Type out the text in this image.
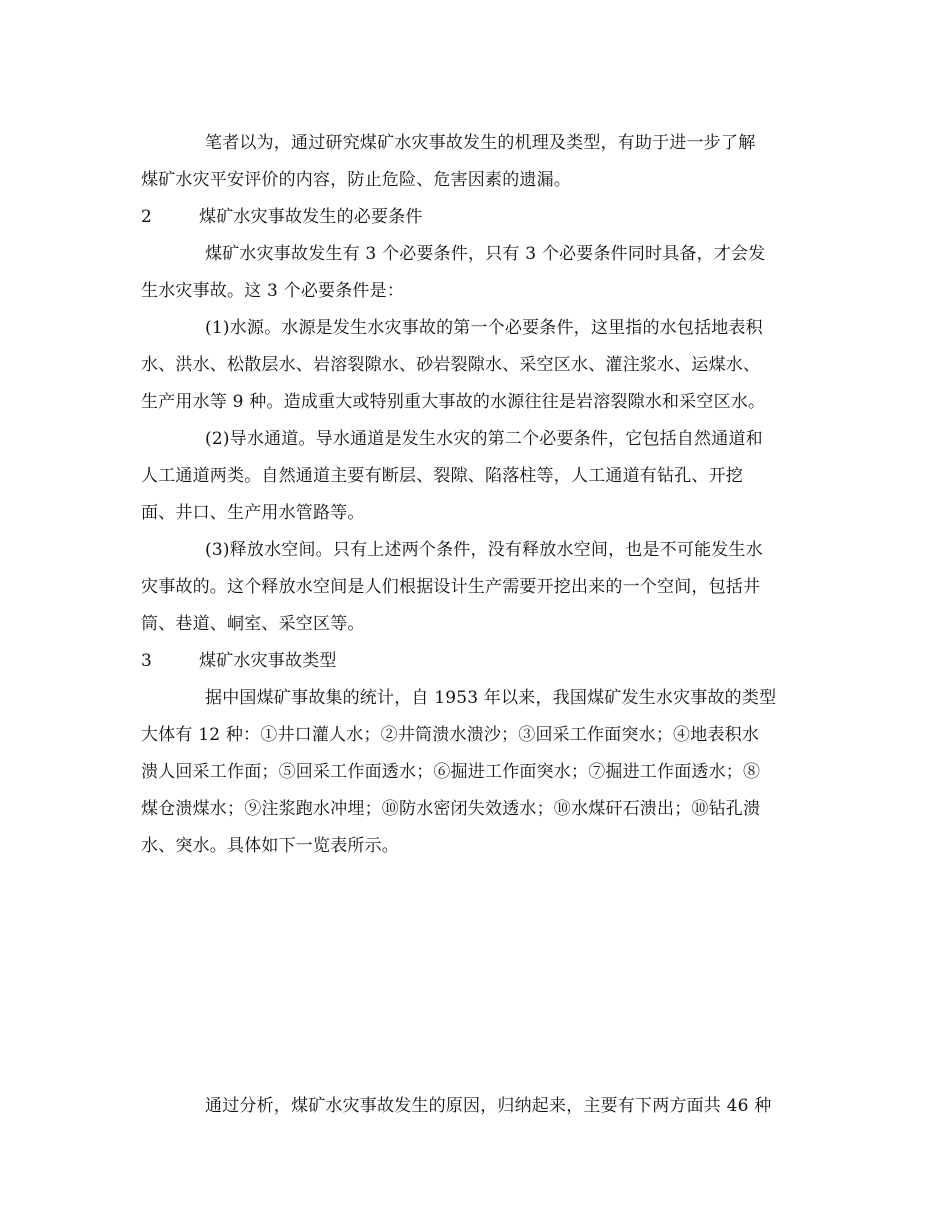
笔者以为，通过研究煤矿水灾事故发生的机理及类型，有助于进一步了解
煤矿水灾平安评价的内容，防止危险、危害因素的遗漏。
2	煤矿水灾事故发生的必要条件
煤矿水灾事故发生有 3 个必要条件，只有 3 个必要条件同时具备，才会发
生水灾事故。这 3 个必要条件是：
(1)水源。水源是发生水灾事故的第一个必要条件，这里指的水包括地表积
水、洪水、松散层水、岩溶裂隙水、砂岩裂隙水、采空区水、灌注浆水、运煤水、
生产用水等 9 种。造成重大或特别重大事故的水源往往是岩溶裂隙水和采空区水。
(2)导水通道。导水通道是发生水灾的第二个必要条件，它包括自然通道和
人工通道两类。自然通道主要有断层、裂隙、陷落柱等，人工通道有钻孔、开挖
面、井口、生产用水管路等。
(3)释放水空间。只有上述两个条件，没有释放水空间，也是不可能发生水
灾事故的。这个释放水空间是人们根据设计生产需要开挖出来的一个空间，包括井
筒、巷道、峒室、采空区等。
3	煤矿水灾事故类型
据中国煤矿事故集的统计，自 1953 年以来，我国煤矿发生水灾事故的类型
大体有 12 种：①井口灌人水；②井筒溃水溃沙；③回采工作面突水；④地表积水
溃人回采工作面；⑤回采工作面透水；⑥掘进工作面突水；⑦掘进工作面透水；⑧
煤仓溃煤水；⑨注浆跑水冲埋；⑩防水密闭失效透水；⑩水煤矸石溃出；⑩钻孔溃
水、突水。具体如下一览表所示。
通过分析，煤矿水灾事故发生的原因，归纳起来，主要有下两方面共 46 种
